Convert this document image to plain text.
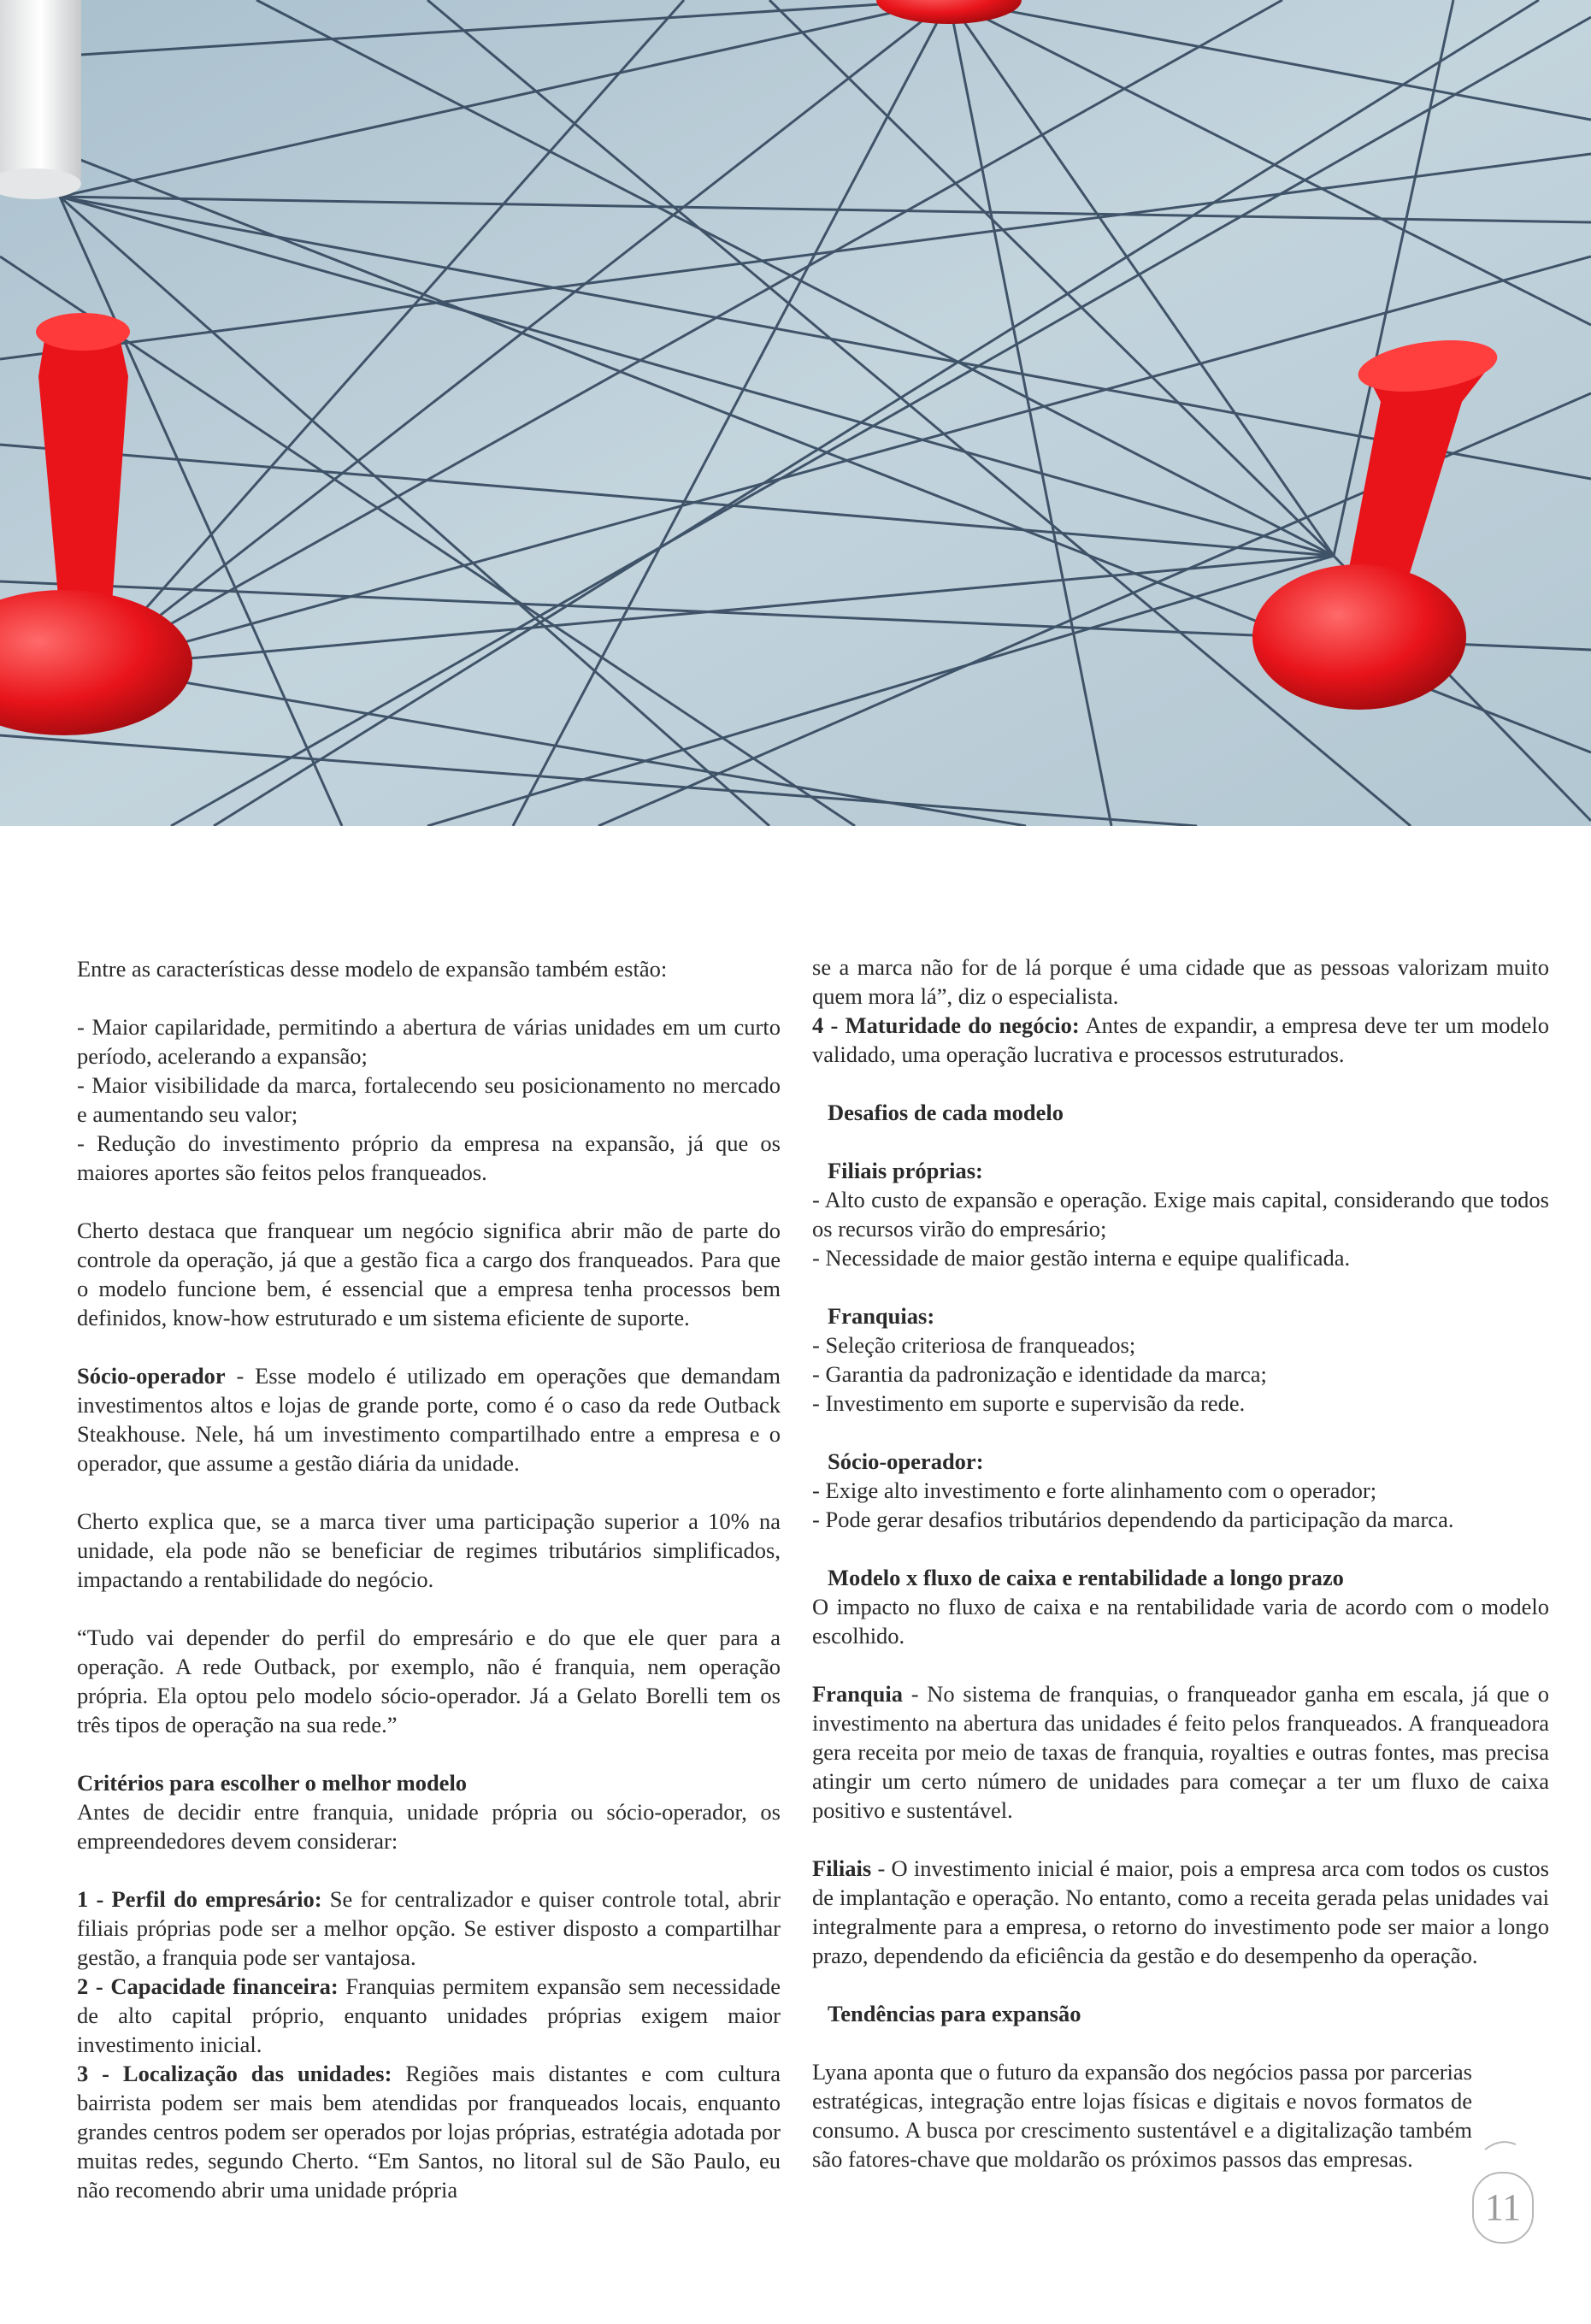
Entre as características desse modelo de expansão também estão:

- Maior capilaridade, permitindo a abertura de várias unidades em um curto período, acelerando a expansão;

- Maior visibilidade da marca, fortalecendo seu posicionamento no mercado e aumentando seu valor;

- Redução do investimento próprio da empresa na expansão, já que os maiores aportes são feitos pelos franqueados.

Cherto destaca que franquear um negócio significa abrir mão de parte do controle da operação, já que a gestão fica a cargo dos franqueados. Para que o modelo funcione bem, é essencial que a empresa tenha processos bem definidos, know-how estruturado e um sistema eficiente de suporte.

Sócio-operador - Esse modelo é utilizado em operações que demandam investimentos altos e lojas de grande porte, como é o caso da rede Outback Steakhouse. Nele, há um investimento compartilhado entre a empresa e o operador, que assume a gestão diária da unidade.

Cherto explica que, se a marca tiver uma participação superior a 10% na unidade, ela pode não se beneficiar de regimes tributários simplificados, impactando a rentabilidade do negócio.

“Tudo vai depender do perfil do empresário e do que ele quer para a operação. A rede Outback, por exemplo, não é franquia, nem operação própria. Ela optou pelo modelo sócio-operador. Já a Gelato Borelli tem os três tipos de operação na sua rede.”

Critérios para escolher o melhor modelo

Antes de decidir entre franquia, unidade própria ou sócio-operador, os empreendedores devem considerar:

1 - Perfil do empresário: Se for centralizador e quiser controle total, abrir filiais próprias pode ser a melhor opção. Se estiver disposto a compartilhar gestão, a franquia pode ser vantajosa.

2 - Capacidade financeira: Franquias permitem expansão sem necessidade de alto capital próprio, enquanto unidades próprias exigem maior investimento inicial.

3 - Localização das unidades: Regiões mais distantes e com cultura bairrista podem ser mais bem atendidas por franqueados locais, enquanto grandes centros podem ser operados por lojas próprias, estratégia adotada por muitas redes, segundo Cherto. “Em Santos, no litoral sul de São Paulo, eu não recomendo abrir uma unidade própria

se a marca não for de lá porque é uma cidade que as pessoas valorizam muito quem mora lá”, diz o especialista.

4 - Maturidade do negócio: Antes de expandir, a empresa deve ter um modelo validado, uma operação lucrativa e processos estruturados.

Desafios de cada modelo

Filiais próprias:

- Alto custo de expansão e operação. Exige mais capital, considerando que todos os recursos virão do empresário;

- Necessidade de maior gestão interna e equipe qualificada.

Franquias:

- Seleção criteriosa de franqueados;

- Garantia da padronização e identidade da marca;

- Investimento em suporte e supervisão da rede.

Sócio-operador:

- Exige alto investimento e forte alinhamento com o operador;

- Pode gerar desafios tributários dependendo da participação da marca.

Modelo x fluxo de caixa e rentabilidade a longo prazo

O impacto no fluxo de caixa e na rentabilidade varia de acordo com o modelo escolhido.

Franquia - No sistema de franquias, o franqueador ganha em escala, já que o investimento na abertura das unidades é feito pelos franqueados. A franqueadora gera receita por meio de taxas de franquia, royalties e outras fontes, mas precisa atingir um certo número de unidades para começar a ter um fluxo de caixa positivo e sustentável.

Filiais - O investimento inicial é maior, pois a empresa arca com todos os custos de implantação e operação. No entanto, como a receita gerada pelas unidades vai integralmente para a empresa, o retorno do investimento pode ser maior a longo prazo, dependendo da eficiência da gestão e do desempenho da operação.

Tendências para expansão

Lyana aponta que o futuro da expansão dos negócios passa por parcerias estratégicas, integração entre lojas físicas e digitais e novos formatos de consumo. A busca por crescimento sustentável e a digitalização também são fatores-chave que moldarão os próximos passos das empresas.

11
